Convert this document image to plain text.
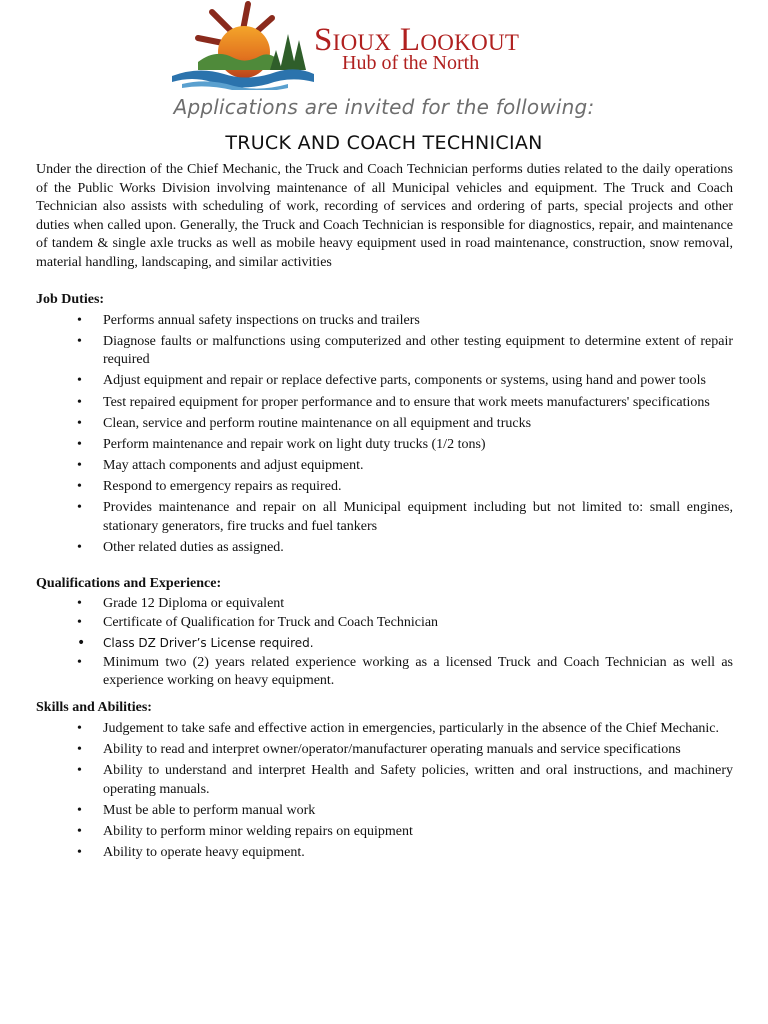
Sioux Lookout
Hub of the North
Applications are invited for the following:
TRUCK AND COACH TECHNICIAN

Under the direction of the Chief Mechanic, the Truck and Coach Technician performs duties related to the daily operations of the Public Works Division involving maintenance of all Municipal vehicles and equipment. The Truck and Coach Technician also assists with scheduling of work, recording of services and ordering of parts, special projects and other duties when called upon. Generally, the Truck and Coach Technician is responsible for diagnostics, repair, and maintenance of tandem & single axle trucks as well as mobile heavy equipment used in road maintenance, construction, snow removal, material handling, landscaping, and similar activities

Job Duties:

• Performs annual safety inspections on trucks and trailers
• Diagnose faults or malfunctions using computerized and other testing equipment to determine extent of repair required
• Adjust equipment and repair or replace defective parts, components or systems, using hand and power tools
• Test repaired equipment for proper performance and to ensure that work meets manufacturers' specifications
• Clean, service and perform routine maintenance on all equipment and trucks
• Perform maintenance and repair work on light duty trucks (1/2 tons)
• May attach components and adjust equipment.
• Respond to emergency repairs as required.
• Provides maintenance and repair on all Municipal equipment including but not limited to: small engines, stationary generators, fire trucks and fuel tankers
• Other related duties as assigned.

Qualifications and Experience:

• Grade 12 Diploma or equivalent
• Certificate of Qualification for Truck and Coach Technician
• Class DZ Driver’s License required.
• Minimum two (2) years related experience working as a licensed Truck and Coach Technician as well as experience working on heavy equipment.

Skills and Abilities:

• Judgement to take safe and effective action in emergencies, particularly in the absence of the Chief Mechanic.
• Ability to read and interpret owner/operator/manufacturer operating manuals and service specifications
• Ability to understand and interpret Health and Safety policies, written and oral instructions, and machinery operating manuals.
• Must be able to perform manual work
• Ability to perform minor welding repairs on equipment
• Ability to operate heavy equipment.
